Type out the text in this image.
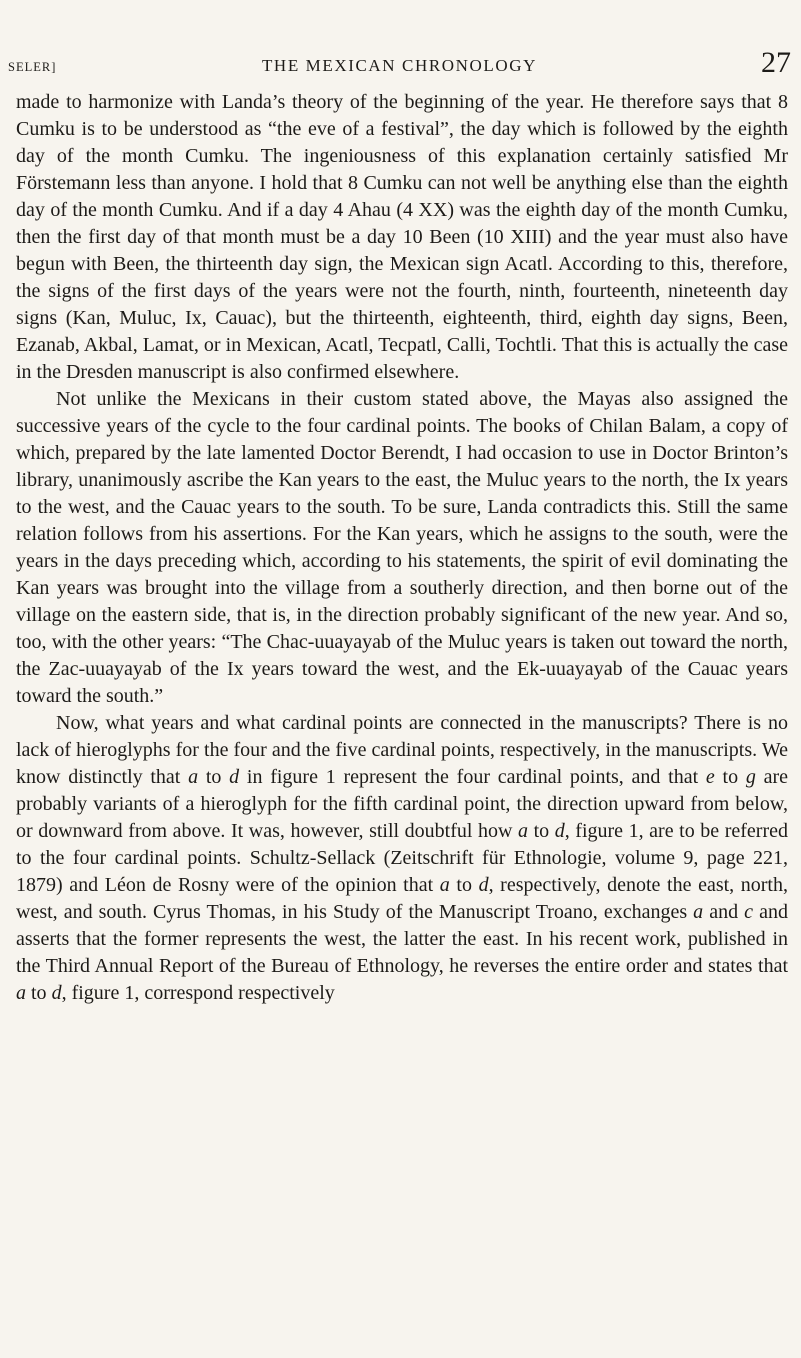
SELER]	THE MEXICAN CHRONOLOGY	27

made to harmonize with Landa’s theory of the beginning of the year. He therefore says that 8 Cumku is to be understood as “the eve of a festival”, the day which is followed by the eighth day of the month Cumku. The ingeniousness of this explanation certainly satisfied Mr Förstemann less than anyone. I hold that 8 Cumku can not well be anything else than the eighth day of the month Cumku. And if a day 4 Ahau (4 XX) was the eighth day of the month Cumku, then the first day of that month must be a day 10 Been (10 XIII) and the year must also have begun with Been, the thirteenth day sign, the Mexican sign Acatl. According to this, therefore, the signs of the first days of the years were not the fourth, ninth, fourteenth, nineteenth day signs (Kan, Muluc, Ix, Cauac), but the thirteenth, eighteenth, third, eighth day signs, Been, Ezanab, Akbal, Lamat, or in Mexican, Acatl, Tecpatl, Calli, Tochtli. That this is actually the case in the Dresden manuscript is also confirmed elsewhere.

Not unlike the Mexicans in their custom stated above, the Mayas also assigned the successive years of the cycle to the four cardinal points. The books of Chilan Balam, a copy of which, prepared by the late lamented Doctor Berendt, I had occasion to use in Doctor Brinton’s library, unanimously ascribe the Kan years to the east, the Muluc years to the north, the Ix years to the west, and the Cauac years to the south. To be sure, Landa contradicts this. Still the same relation follows from his assertions. For the Kan years, which he assigns to the south, were the years in the days preceding which, according to his statements, the spirit of evil dominating the Kan years was brought into the village from a southerly direction, and then borne out of the village on the eastern side, that is, in the direction probably significant of the new year. And so, too, with the other years: “The Chac-uuayayab of the Muluc years is taken out toward the north, the Zac-uuayayab of the Ix years toward the west, and the Ek-uuayayab of the Cauac years toward the south.”

Now, what years and what cardinal points are connected in the manuscripts? There is no lack of hieroglyphs for the four and the five cardinal points, respectively, in the manuscripts. We know distinctly that a to d in figure 1 represent the four cardinal points, and that e to g are probably variants of a hieroglyph for the fifth cardinal point, the direction upward from below, or downward from above. It was, however, still doubtful how a to d, figure 1, are to be referred to the four cardinal points. Schultz-Sellack (Zeitschrift für Ethnologie, volume 9, page 221, 1879) and Léon de Rosny were of the opinion that a to d, respectively, denote the east, north, west, and south. Cyrus Thomas, in his Study of the Manuscript Troano, exchanges a and c and asserts that the former represents the west, the latter the east. In his recent work, published in the Third Annual Report of the Bureau of Ethnology, he reverses the entire order and states that a to d, figure 1, correspond respectively
